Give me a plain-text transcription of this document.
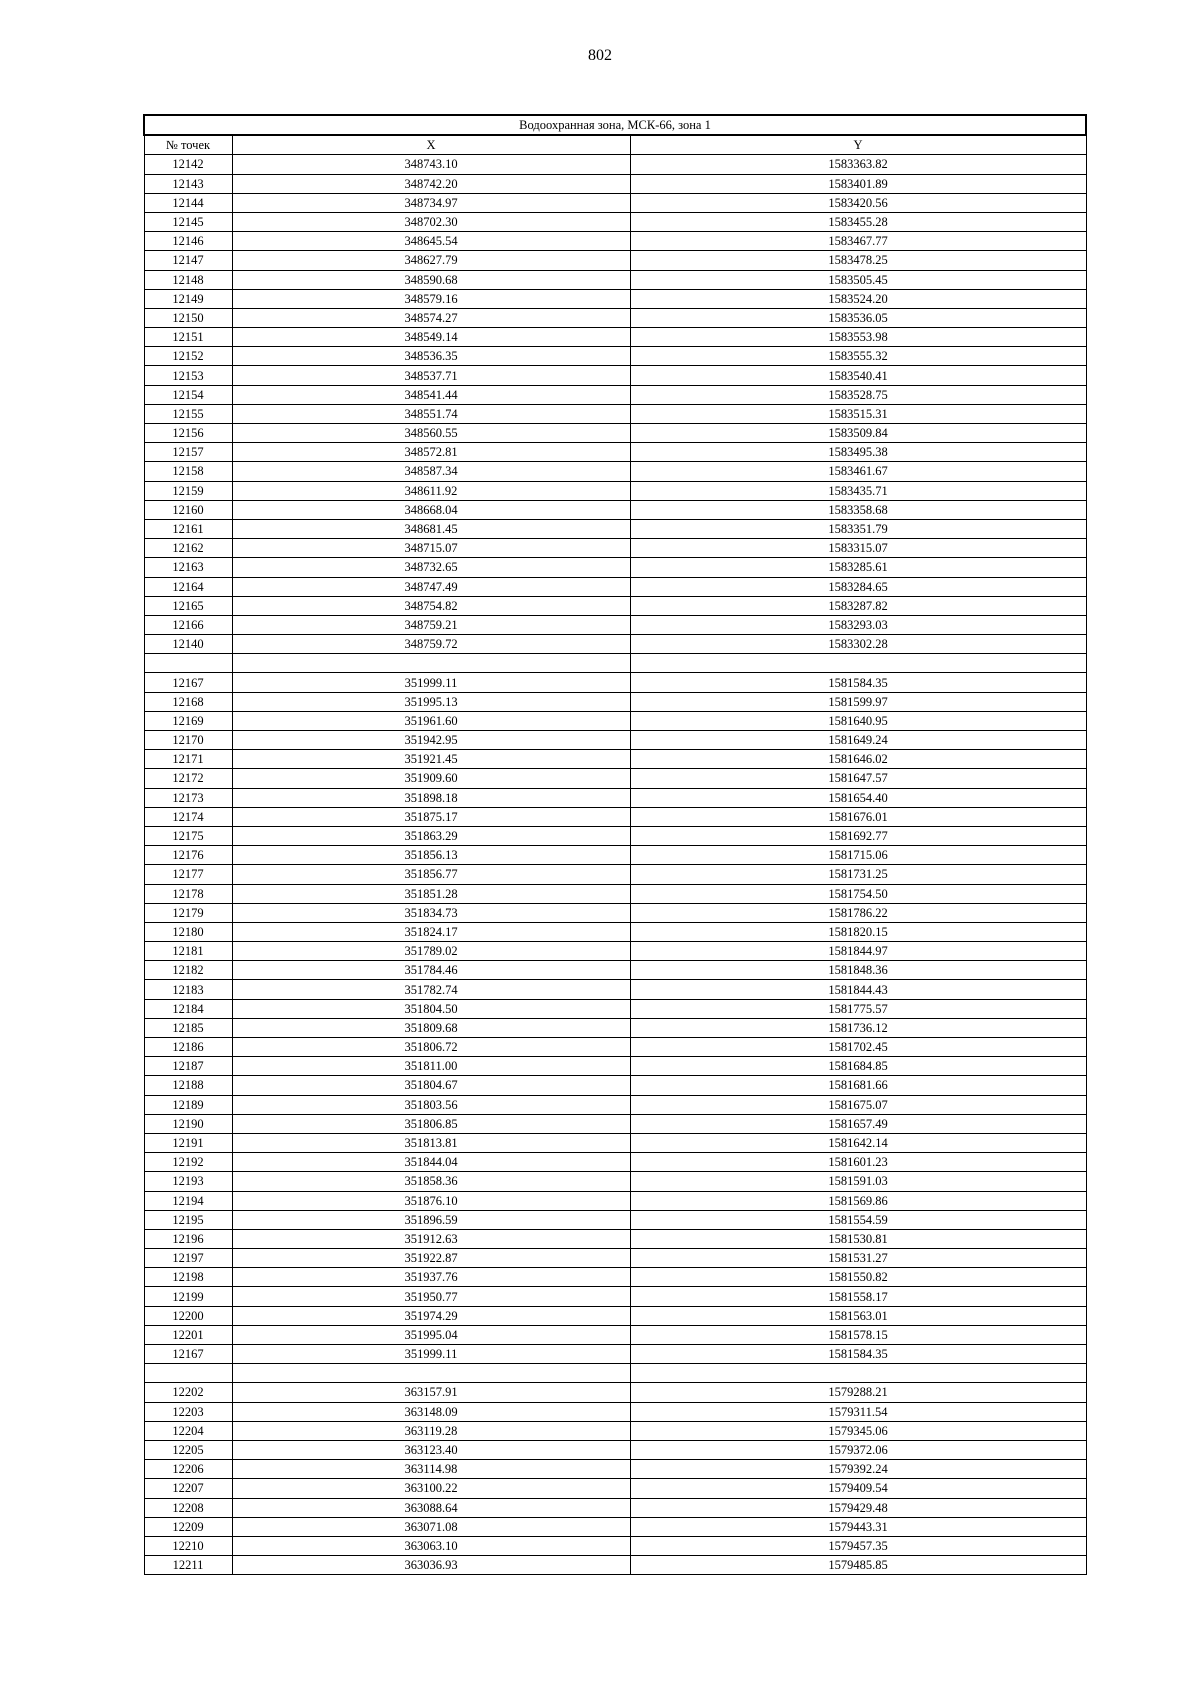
802
Водоохранная зона, МСК-66, зона 1		
№ точек	X	Y
12142	348743.10	1583363.82
12143	348742.20	1583401.89
12144	348734.97	1583420.56
12145	348702.30	1583455.28
12146	348645.54	1583467.77
12147	348627.79	1583478.25
12148	348590.68	1583505.45
12149	348579.16	1583524.20
12150	348574.27	1583536.05
12151	348549.14	1583553.98
12152	348536.35	1583555.32
12153	348537.71	1583540.41
12154	348541.44	1583528.75
12155	348551.74	1583515.31
12156	348560.55	1583509.84
12157	348572.81	1583495.38
12158	348587.34	1583461.67
12159	348611.92	1583435.71
12160	348668.04	1583358.68
12161	348681.45	1583351.79
12162	348715.07	1583315.07
12163	348732.65	1583285.61
12164	348747.49	1583284.65
12165	348754.82	1583287.82
12166	348759.21	1583293.03
12140	348759.72	1583302.28

12167	351999.11	1581584.35
12168	351995.13	1581599.97
12169	351961.60	1581640.95
12170	351942.95	1581649.24
12171	351921.45	1581646.02
12172	351909.60	1581647.57
12173	351898.18	1581654.40
12174	351875.17	1581676.01
12175	351863.29	1581692.77
12176	351856.13	1581715.06
12177	351856.77	1581731.25
12178	351851.28	1581754.50
12179	351834.73	1581786.22
12180	351824.17	1581820.15
12181	351789.02	1581844.97
12182	351784.46	1581848.36
12183	351782.74	1581844.43
12184	351804.50	1581775.57
12185	351809.68	1581736.12
12186	351806.72	1581702.45
12187	351811.00	1581684.85
12188	351804.67	1581681.66
12189	351803.56	1581675.07
12190	351806.85	1581657.49
12191	351813.81	1581642.14
12192	351844.04	1581601.23
12193	351858.36	1581591.03
12194	351876.10	1581569.86
12195	351896.59	1581554.59
12196	351912.63	1581530.81
12197	351922.87	1581531.27
12198	351937.76	1581550.82
12199	351950.77	1581558.17
12200	351974.29	1581563.01
12201	351995.04	1581578.15
12167	351999.11	1581584.35

12202	363157.91	1579288.21
12203	363148.09	1579311.54
12204	363119.28	1579345.06
12205	363123.40	1579372.06
12206	363114.98	1579392.24
12207	363100.22	1579409.54
12208	363088.64	1579429.48
12209	363071.08	1579443.31
12210	363063.10	1579457.35
12211	363036.93	1579485.85
